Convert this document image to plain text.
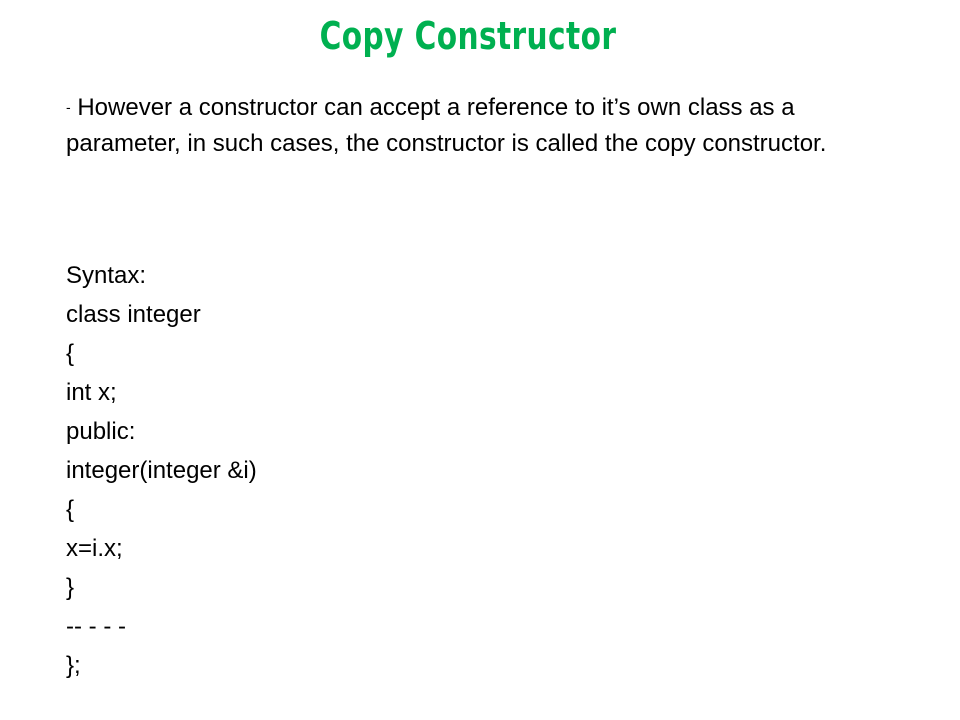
Copy Constructor
- However a constructor can accept a reference to it’s own class as a parameter, in such cases, the constructor is called the copy constructor.
Syntax:
class integer
{
int x;
public:
integer(integer &i)
{
x=i.x;
}
-- - - -
};
